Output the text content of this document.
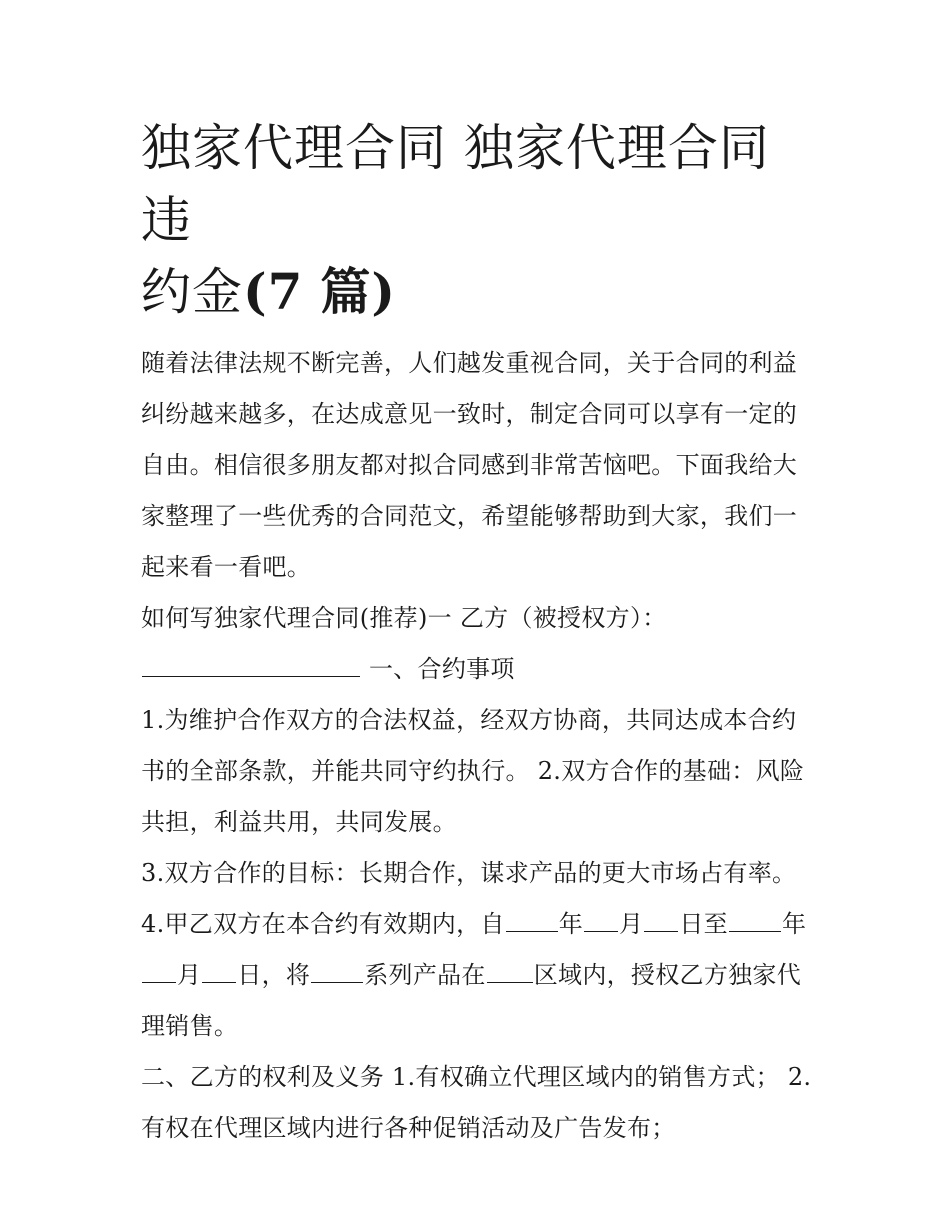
独家代理合同 独家代理合同违
约金(7 篇)

随着法律法规不断完善，人们越发重视合同，关于合同的利益纠纷越来越多，在达成意见一致时，制定合同可以享有一定的自由。相信很多朋友都对拟合同感到非常苦恼吧。下面我给大家整理了一些优秀的合同范文，希望能够帮助到大家，我们一起来看一看吧。

如何写独家代理合同(推荐)一 乙方（被授权方）：

一、合约事项

1.为维护合作双方的合法权益，经双方协商，共同达成本合约书的全部条款，并能共同守约执行。 2.双方合作的基础：风险共担，利益共用，共同发展。

3.双方合作的目标：长期合作，谋求产品的更大市场占有率。

4.甲乙双方在本合约有效期内，自 年 月 日至 年月 日，将 系列产品在 区域内，授权乙方独家代理销售。

二、乙方的权利及义务 1.有权确立代理区域内的销售方式； 2.有权在代理区域内进行各种促销活动及广告发布；
